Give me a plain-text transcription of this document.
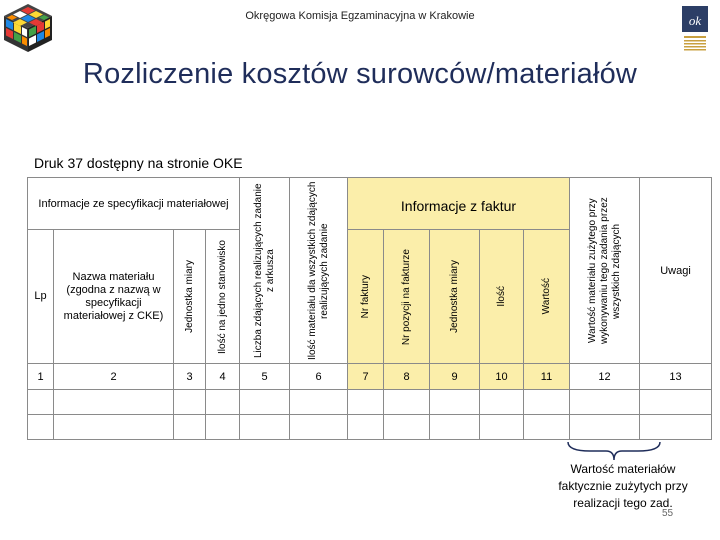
Okręgowa Komisja Egzaminacyjna w Krakowie	ok
Rozliczenie kosztów surowców/materiałów
Druk 37 dostępny na stronie OKE
Informacje ze specyfikacji materiałowej				Liczba zdających realizujących zadanie z arkusza	Ilość materiału dla wszystkich zdających realizujących zadanie	Informacje z faktur					Wartość materiału zużytego przy wykonywaniu tego zadania przez wszystkich zdających	Uwagi
Lp	Nazwa materiału (zgodna z nazwą w specyfikacji materiałowej z CKE)	Jednostka miary	Ilość na jedno stanowisko			Nr faktury	Nr pozycji na fakturze	Jednostka miary	Ilość	Wartość		

1	2	3	4	5	6	7	8	9	10	11	12	13

Wartość materiałów faktycznie zużytych przy realizacji tego zad.
55
